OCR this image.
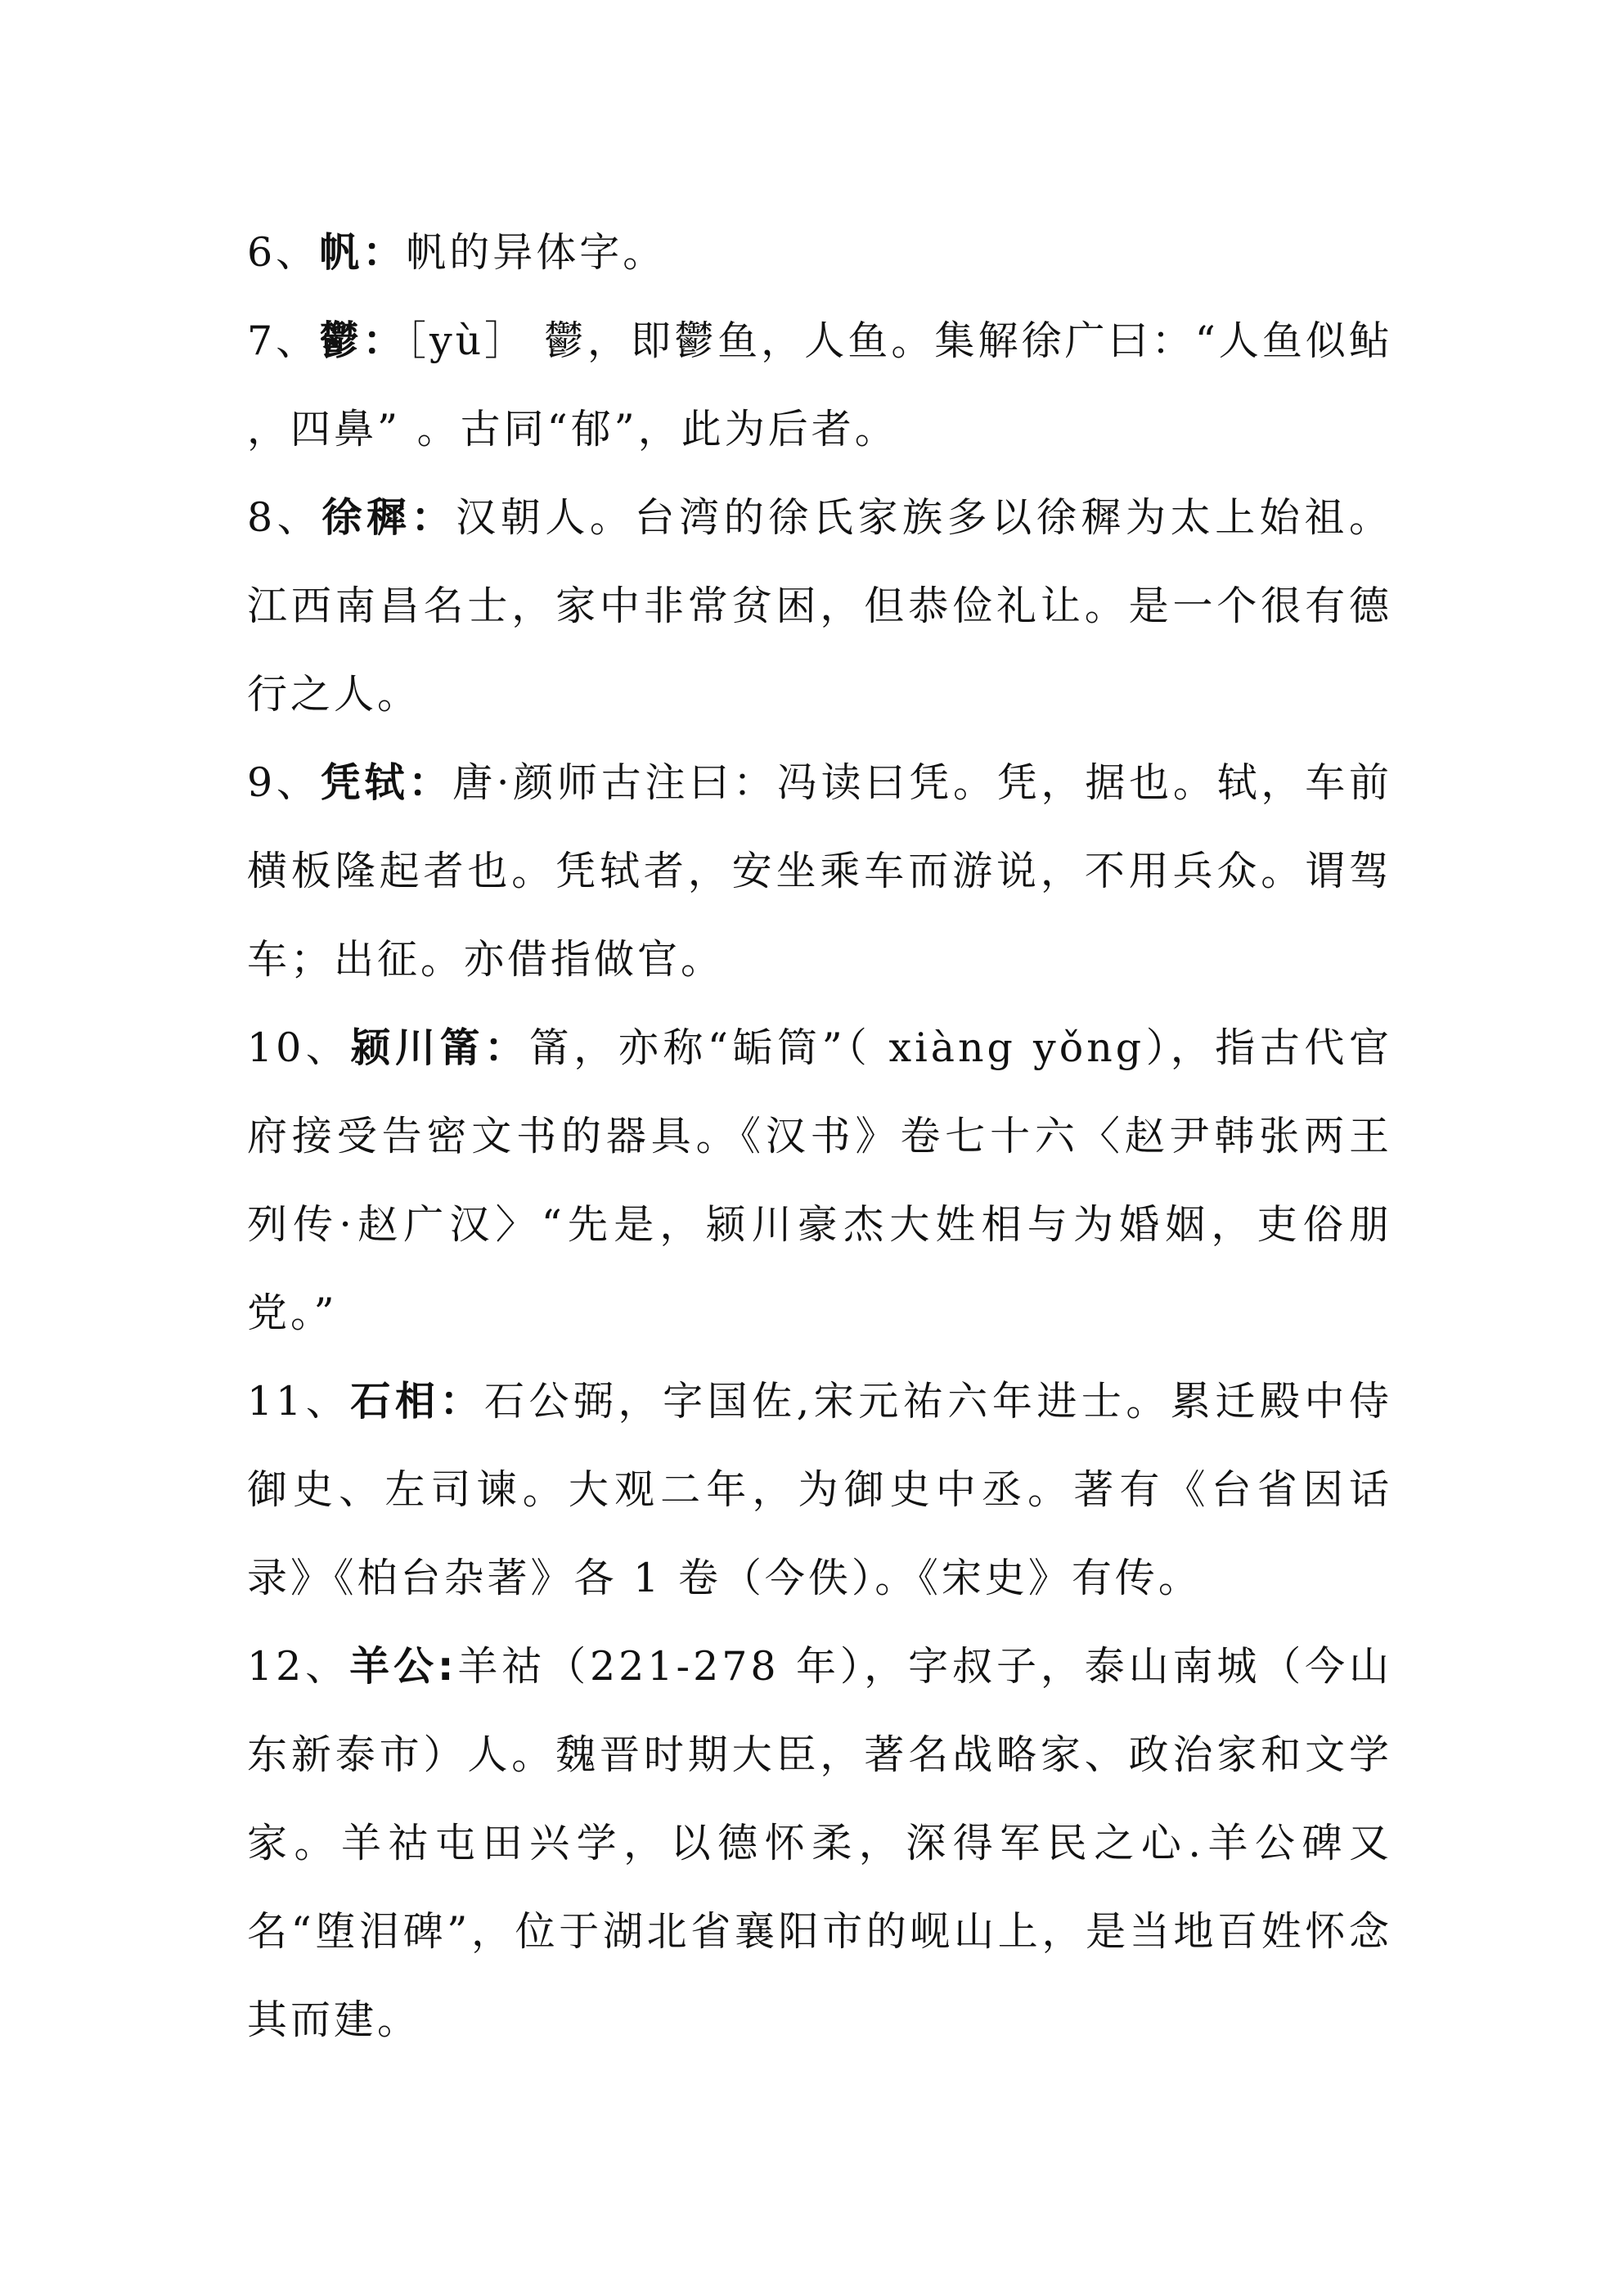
6、帆：帆的异体字。

7、鬱：［yù］ 鬱，即鬱鱼，人鱼。集解徐广曰：“人鱼似鲇 ，四鼻” 。古同“郁”，此为后者。

8、徐穉：汉朝人。台湾的徐氏家族多以徐穉为太上始祖。江西南昌名士，家中非常贫困，但恭俭礼让。是一个很有德行之人。

9、凭轼：唐·颜师古注曰：冯读曰凭。凭，据也。轼，车前横板隆起者也。凭轼者，安坐乘车而游说，不用兵众。谓驾车；出征。亦借指做官。

10、颍川筩：筩，亦称“缿筒”（ xiàng yǒng），指古代官府接受告密文书的器具。《汉书》卷七十六〈赵尹韩张两王列传·赵广汉〉“先是，颍川豪杰大姓相与为婚姻，吏俗朋党。”

11、石相：石公弼，字国佐,宋元祐六年进士。累迁殿中侍御史、左司谏。大观二年，为御史中丞。著有《台省因话录》《柏台杂著》各 1 卷（今佚）。《宋史》有传。

12、羊公:羊祜（221-278 年），字叔子，泰山南城（今山东新泰市）人。魏晋时期大臣，著名战略家、政治家和文学家。羊祜屯田兴学，以德怀柔，深得军民之心.羊公碑又名“堕泪碑”，位于湖北省襄阳市的岘山上，是当地百姓怀念其而建。
